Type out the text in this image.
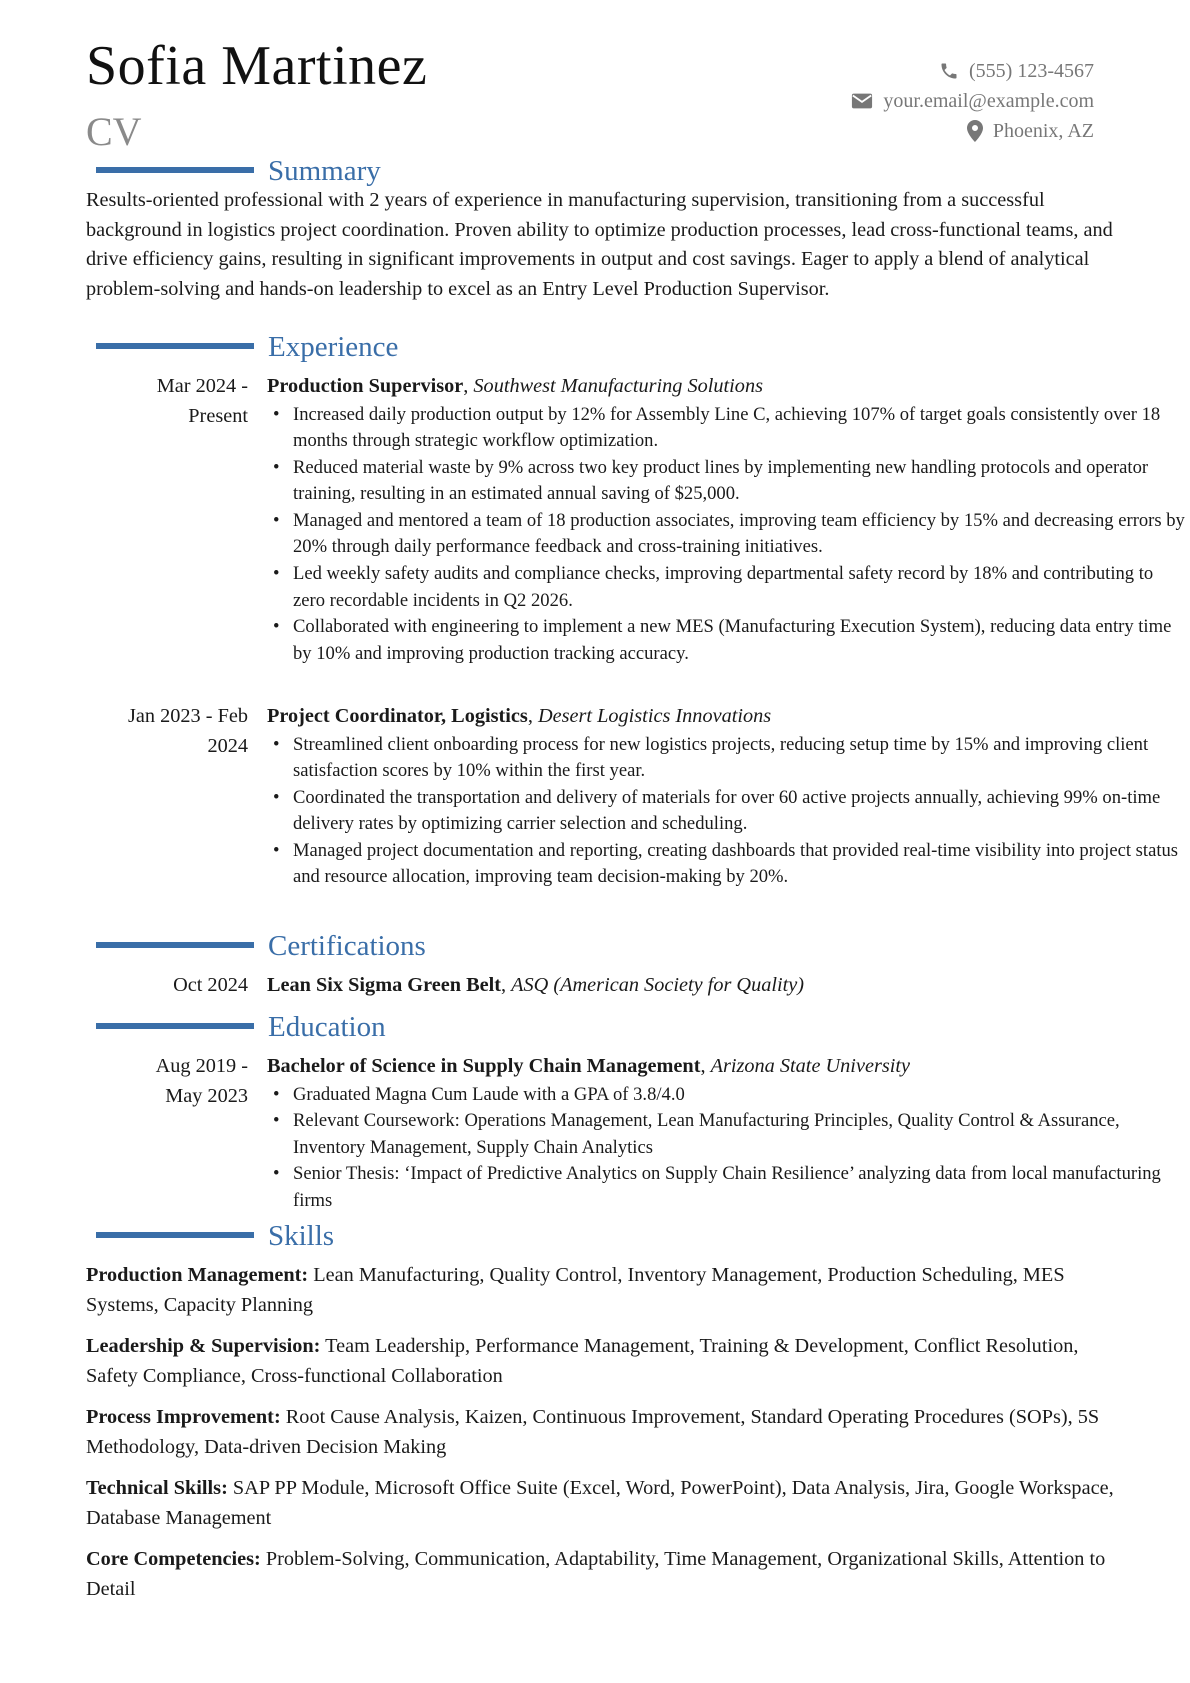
Sofia Martinez
CV
(555) 123-4567
your.email@example.com
Phoenix, AZ
Summary
Results-oriented professional with 2 years of experience in manufacturing supervision, transitioning from a successful background in logistics project coordination. Proven ability to optimize production processes, lead cross-functional teams, and drive efficiency gains, resulting in significant improvements in output and cost savings. Eager to apply a blend of analytical problem-solving and hands-on leadership to excel as an Entry Level Production Supervisor.
Experience
Mar 2024 -
Present
Production Supervisor, Southwest Manufacturing Solutions
• Increased daily production output by 12% for Assembly Line C, achieving 107% of target goals consistently over 18 months through strategic workflow optimization.
• Reduced material waste by 9% across two key product lines by implementing new handling protocols and operator training, resulting in an estimated annual saving of $25,000.
• Managed and mentored a team of 18 production associates, improving team efficiency by 15% and decreasing errors by 20% through daily performance feedback and cross-training initiatives.
• Led weekly safety audits and compliance checks, improving departmental safety record by 18% and contributing to zero recordable incidents in Q2 2026.
• Collaborated with engineering to implement a new MES (Manufacturing Execution System), reducing data entry time by 10% and improving production tracking accuracy.
Jan 2023 - Feb
2024
Project Coordinator, Logistics, Desert Logistics Innovations
• Streamlined client onboarding process for new logistics projects, reducing setup time by 15% and improving client satisfaction scores by 10% within the first year.
• Coordinated the transportation and delivery of materials for over 60 active projects annually, achieving 99% on-time delivery rates by optimizing carrier selection and scheduling.
• Managed project documentation and reporting, creating dashboards that provided real-time visibility into project status and resource allocation, improving team decision-making by 20%.
Certifications
Oct 2024 Lean Six Sigma Green Belt, ASQ (American Society for Quality)
Education
Aug 2019 -
May 2023
Bachelor of Science in Supply Chain Management, Arizona State University
• Graduated Magna Cum Laude with a GPA of 3.8/4.0
• Relevant Coursework: Operations Management, Lean Manufacturing Principles, Quality Control & Assurance, Inventory Management, Supply Chain Analytics
• Senior Thesis: ‘Impact of Predictive Analytics on Supply Chain Resilience’ analyzing data from local manufacturing firms
Skills
Production Management: Lean Manufacturing, Quality Control, Inventory Management, Production Scheduling, MES Systems, Capacity Planning
Leadership & Supervision: Team Leadership, Performance Management, Training & Development, Conflict Resolution, Safety Compliance, Cross-functional Collaboration
Process Improvement: Root Cause Analysis, Kaizen, Continuous Improvement, Standard Operating Procedures (SOPs), 5S Methodology, Data-driven Decision Making
Technical Skills: SAP PP Module, Microsoft Office Suite (Excel, Word, PowerPoint), Data Analysis, Jira, Google Workspace, Database Management
Core Competencies: Problem-Solving, Communication, Adaptability, Time Management, Organizational Skills, Attention to Detail
